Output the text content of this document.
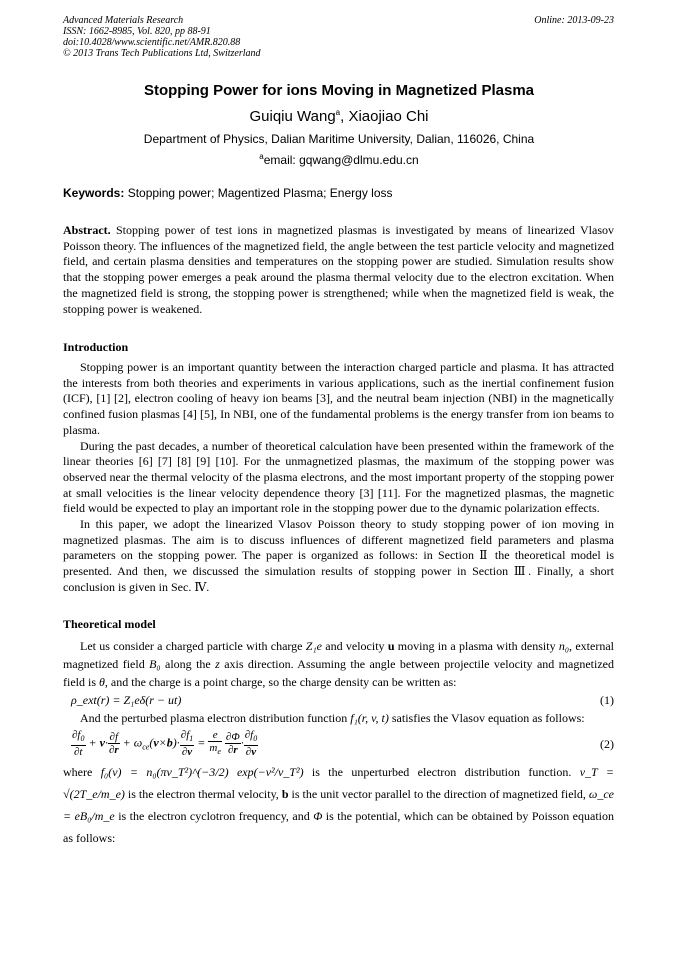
Advanced Materials Research
ISSN: 1662-8985, Vol. 820, pp 88-91
doi:10.4028/www.scientific.net/AMR.820.88
© 2013 Trans Tech Publications Ltd, Switzerland
Online: 2013-09-23
Stopping Power for ions Moving in Magnetized Plasma
Guiqiu Wang$^a$, Xiaojiao Chi
Department of Physics, Dalian Maritime University, Dalian, 116026, China
$^a$email: gqwang@dlmu.edu.cn
Keywords: Stopping power; Magentized Plasma; Energy loss
Abstract. Stopping power of test ions in magnetized plasmas is investigated by means of linearized Vlasov Poisson theory. The influences of the magnetized field, the angle between the test particle velocity and magnetized field, and certain plasma densities and temperatures on the stopping power are studied. Simulation results show that the stopping power emerges a peak around the plasma thermal velocity due to the electron excitation. When the magnetized field is strong, the stopping power is strengthened; while when the magnetized field is weak, the stopping power is weakened.
Introduction

Stopping power is an important quantity between the interaction charged particle and plasma. It has attracted the interests from both theories and experiments in various applications, such as the inertial confinement fusion (ICF), [1] [2], electron cooling of heavy ion beams [3], and the neutral beam injection (NBI) in the magnetically confined fusion plasmas [4] [5], In NBI, one of the fundamental problems is the energy transfer from ion beams to plasma.

During the past decades, a number of theoretical calculation have been presented within the framework of the linear theories [6] [7] [8] [9] [10]. For the unmagnetized plasmas, the maximum of the stopping power was observed near the thermal velocity of the plasma electrons, and the most important property of the stopping power at small velocities is the linear velocity dependence theory [3] [11]. For the magnetized plasmas, the magnetic field would be expected to play an important role in the stopping power due to the dynamic polarization effects.

In this paper, we adopt the linearized Vlasov Poisson theory to study stopping power of ion moving in magnetized plasmas. The aim is to discuss influences of different magnetized field parameters and plasma parameters on the stopping power. The paper is organized as follows: in Section Ⅱ the theoretical model is presented. And then, we discussed the simulation results of stopping power in Section Ⅲ. Finally, a short conclusion is given in Sec. Ⅳ.

Theoretical model

Let us consider a charged particle with charge Z₁e and velocity u moving in a plasma with density n₀, external magnetized field B₀ along the z axis direction. Assuming the angle between projectile velocity and magnetized field is θ, and the charge is a point charge, so the charge density can be written as:

ρ_ext(r) = Z₁eδ(r − ut)	(1)

And the perturbed plasma electron distribution function f₁(r, v, t) satisfies the Vlasov equation as follows:

$\frac{\partial f_0}{\partial t} + v\cdot \frac{\partial f}{\partial r} + \omega_{ce}(v\times b)\cdot \frac{\partial f_1}{\partial v} = \frac{e}{m_e}$
$\frac{\partial\Phi}{\partial r} \cdot \frac{\partial f_0}{\partial v}$	(2)

where f₀(v) = n₀(πv_T²)^(−3/2) exp(−v²/v_T²) is the unperturbed electron distribution function. v_T = √(2T_e/m_e) is the electron thermal velocity, b is the unit vector parallel to the direction of magnetized field, ω_ce = eB₀/m_e is the electron cyclotron frequency, and Φ is the potential, which can be obtained by Poisson equation as follows:
